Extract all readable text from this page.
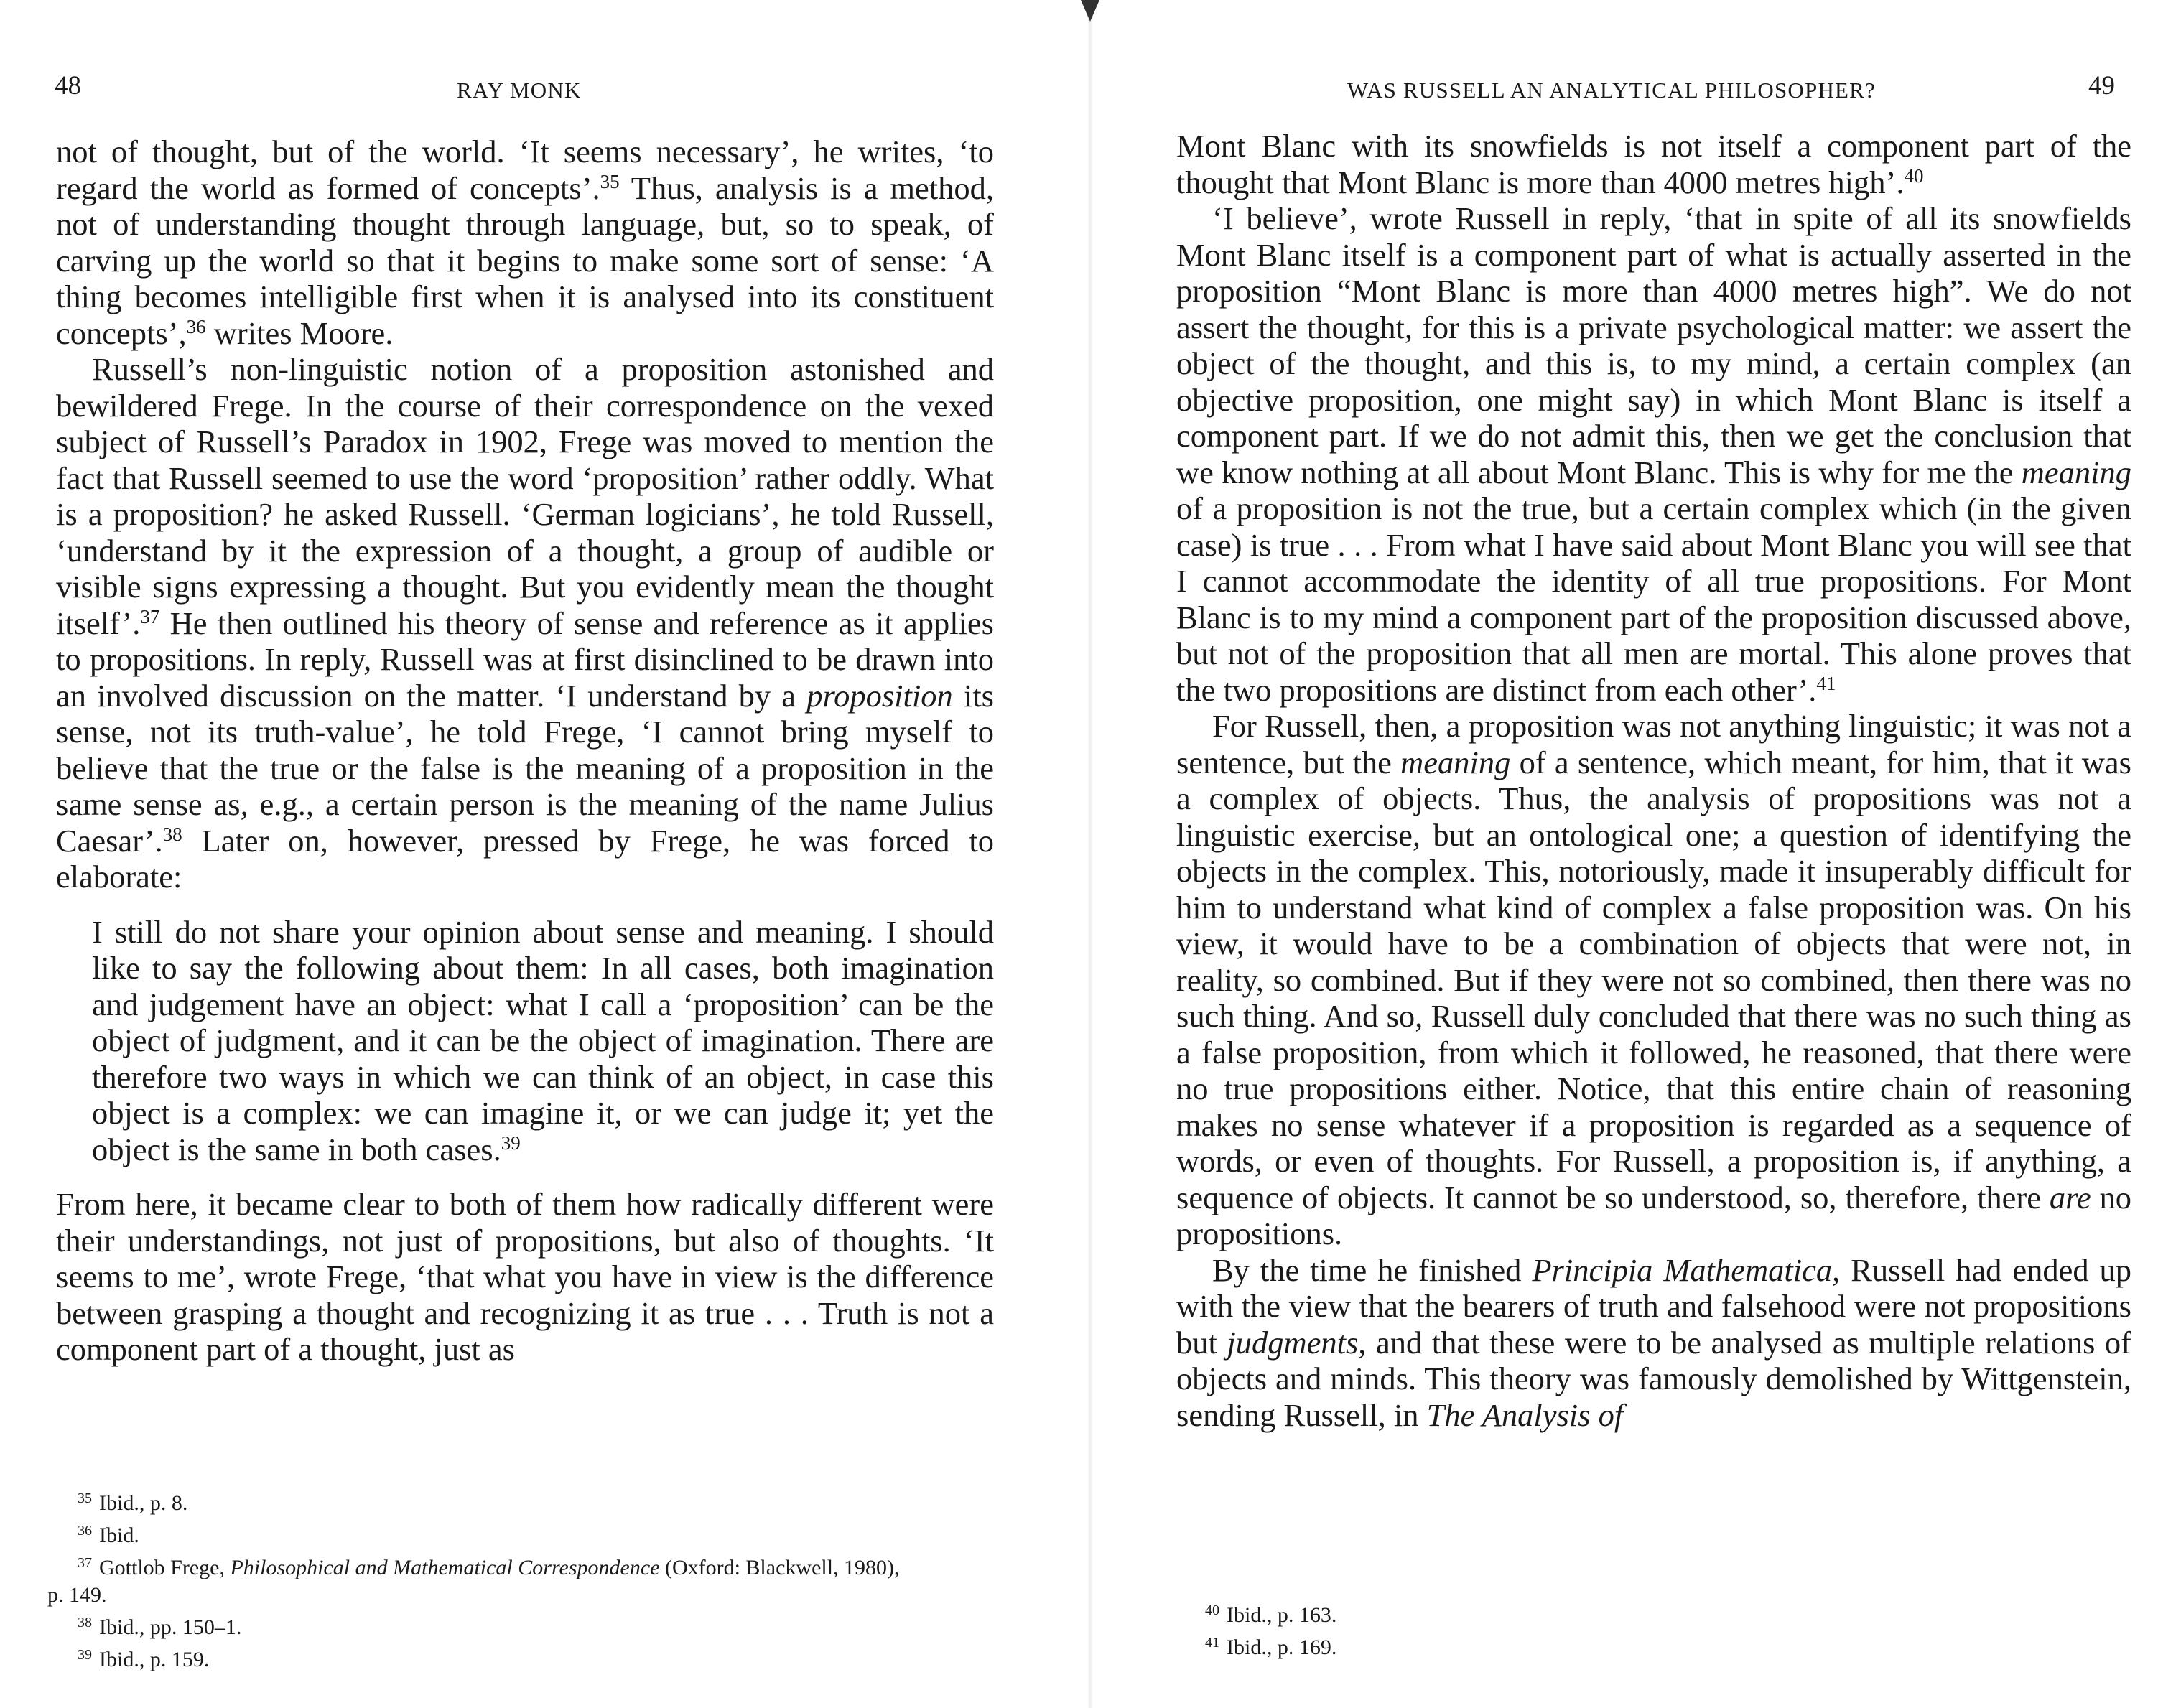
48	RAY MONK

not of thought, but of the world. ‘It seems necessary’, he writes, ‘to regard the world as formed of concepts’.$^{35}$ Thus, analysis is a method, not of understanding thought through language, but, so to speak, of carving up the world so that it begins to make some sort of sense: ‘A thing becomes intelligible first when it is analysed into its constituent concepts’,$^{36}$ writes Moore.

Russell’s non-linguistic notion of a proposition astonished and bewildered Frege. In the course of their correspondence on the vexed subject of Russell’s Paradox in 1902, Frege was moved to mention the fact that Russell seemed to use the word ‘proposition’ rather oddly. What is a proposition? he asked Russell. ‘German logicians’, he told Russell, ‘understand by it the expression of a thought, a group of audible or visible signs expressing a thought. But you evidently mean the thought itself’.$^{37}$ He then outlined his theory of sense and reference as it applies to propositions. In reply, Russell was at first disinclined to be drawn into an involved discussion on the matter. ‘I understand by a proposition its sense, not its truth-value’, he told Frege, ‘I cannot bring myself to believe that the true or the false is the meaning of a proposition in the same sense as, e.g., a certain person is the meaning of the name Julius Caesar’.$^{38}$ Later on, however, pressed by Frege, he was forced to elaborate:

I still do not share your opinion about sense and meaning. I should like to say the following about them: In all cases, both imagination and judgement have an object: what I call a ‘proposition’ can be the object of judgment, and it can be the object of imagination. There are therefore two ways in which we can think of an object, in case this object is a complex: we can imagine it, or we can judge it; yet the object is the same in both cases.$^{39}$

From here, it became clear to both of them how radically different were their understandings, not just of propositions, but also of thoughts. ‘It seems to me’, wrote Frege, ‘that what you have in view is the difference between grasping a thought and recognizing it as true . . . Truth is not a component part of a thought, just as

$^{35}$ Ibid., p. 8.

$^{36}$ Ibid.

$^{37}$ Gottlob Frege, Philosophical and Mathematical Correspondence (Oxford: Blackwell, 1980),

p. 149.

$^{38}$ Ibid., pp. 150–1.

$^{39}$ Ibid., p. 159.

WAS RUSSELL AN ANALYTICAL PHILOSOPHER?	49

Mont Blanc with its snowfields is not itself a component part of the thought that Mont Blanc is more than 4000 metres high’.$^{40}$

‘I believe’, wrote Russell in reply, ‘that in spite of all its snowfields Mont Blanc itself is a component part of what is actually asserted in the proposition “Mont Blanc is more than 4000 metres high”. We do not assert the thought, for this is a private psychological matter: we assert the object of the thought, and this is, to my mind, a certain complex (an objective proposition, one might say) in which Mont Blanc is itself a component part. If we do not admit this, then we get the conclusion that we know nothing at all about Mont Blanc. This is why for me the meaning of a proposition is not the true, but a certain complex which (in the given case) is true . . . From what I have said about Mont Blanc you will see that I cannot accommodate the identity of all true propositions. For Mont Blanc is to my mind a component part of the proposition discussed above, but not of the proposition that all men are mortal. This alone proves that the two propositions are distinct from each other’.$^{41}$

For Russell, then, a proposition was not anything linguistic; it was not a sentence, but the meaning of a sentence, which meant, for him, that it was a complex of objects. Thus, the analysis of propositions was not a linguistic exercise, but an ontological one; a question of identifying the objects in the complex. This, notoriously, made it insuperably difficult for him to understand what kind of complex a false proposition was. On his view, it would have to be a combination of objects that were not, in reality, so combined. But if they were not so combined, then there was no such thing. And so, Russell duly concluded that there was no such thing as a false proposition, from which it followed, he reasoned, that there were no true propositions either. Notice, that this entire chain of reasoning makes no sense whatever if a proposition is regarded as a sequence of words, or even of thoughts. For Russell, a proposition is, if anything, a sequence of objects. It cannot be so understood, so, therefore, there are no propositions.

By the time he finished Principia Mathematica, Russell had ended up with the view that the bearers of truth and falsehood were not propositions but judgments, and that these were to be analysed as multiple relations of objects and minds. This theory was famously demolished by Wittgenstein, sending Russell, in The Analysis of

$^{40}$ Ibid., p. 163.

$^{41}$ Ibid., p. 169.
